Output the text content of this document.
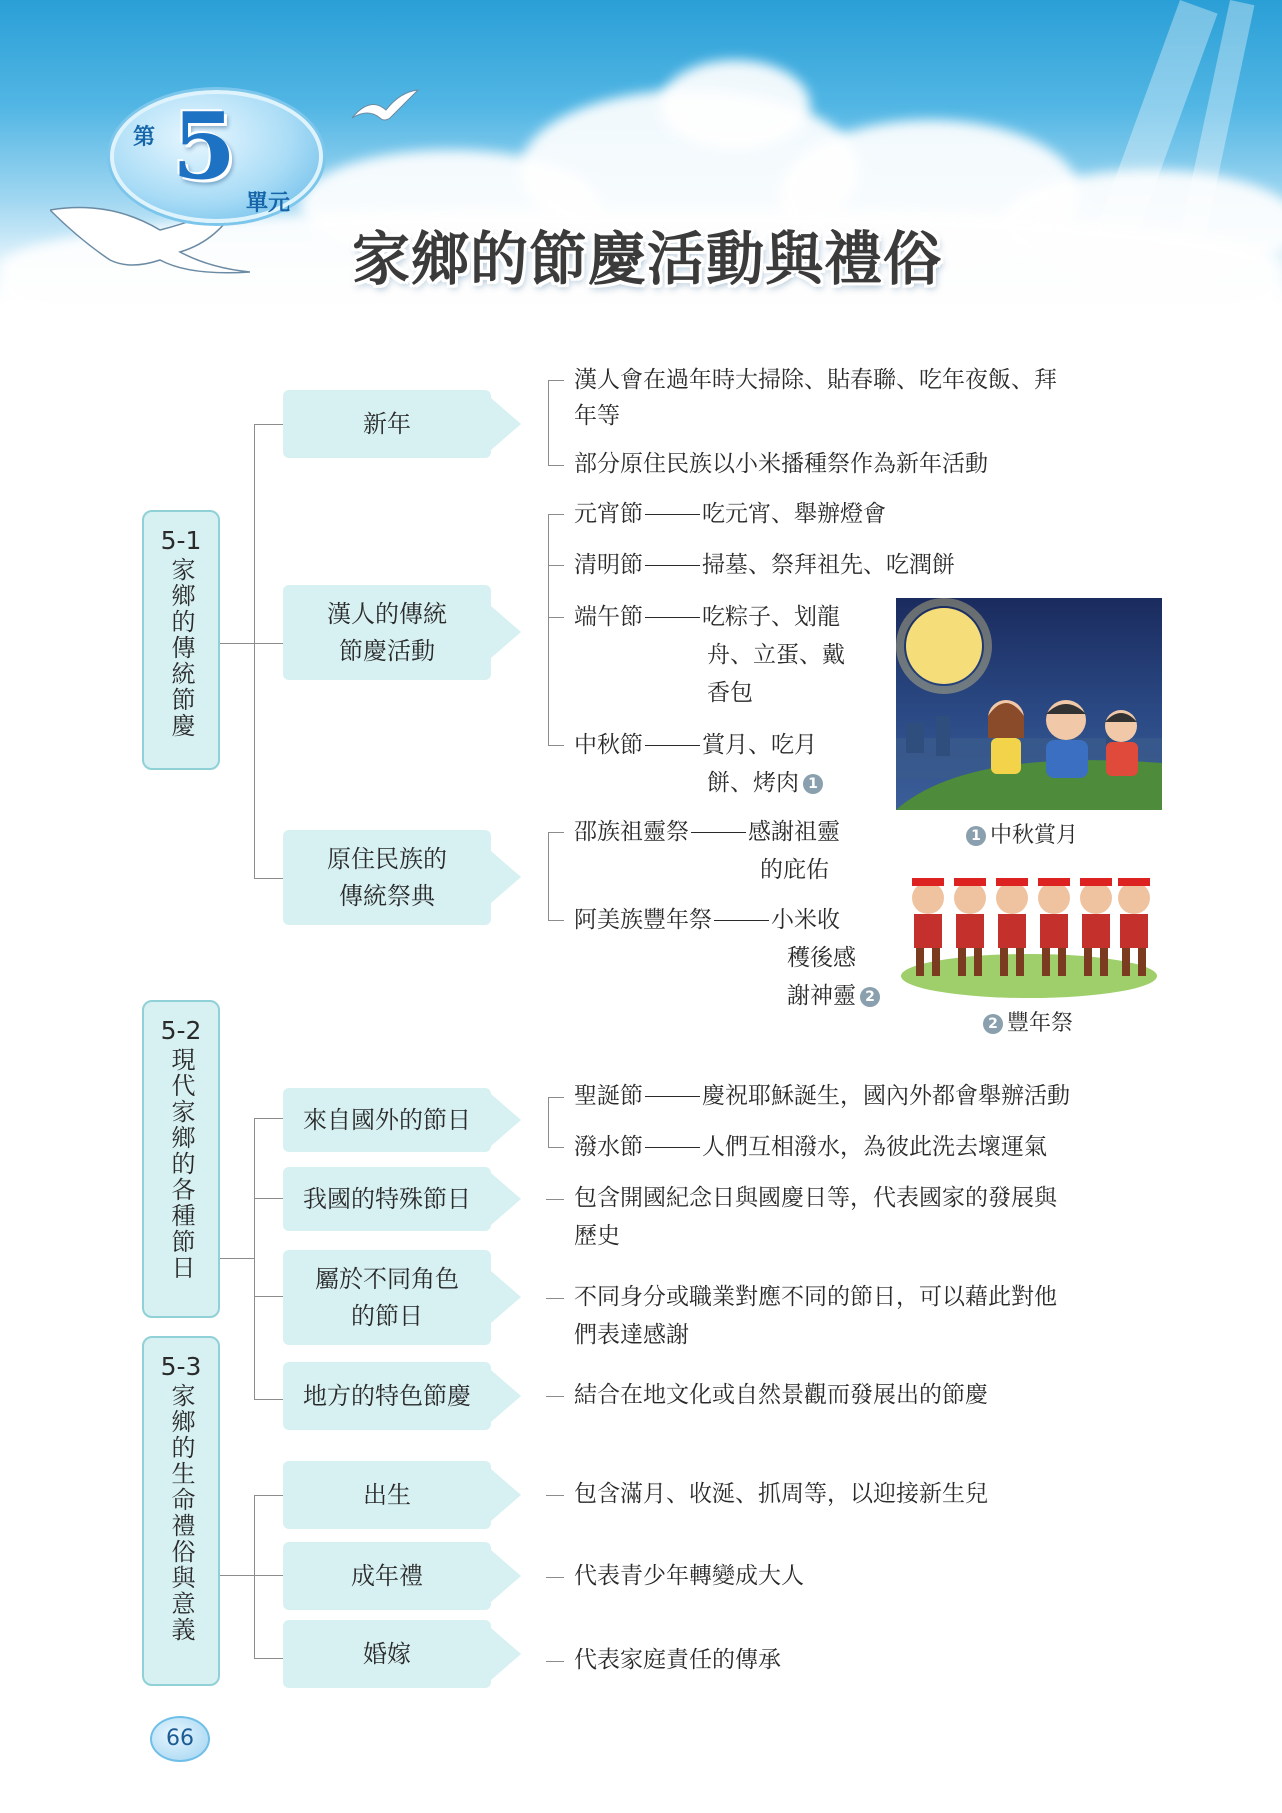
第 5
單元
家鄉的節慶活動與禮俗
5-1
家鄉的傳統節慶
5-2
現代家鄉的各種節日
5-3
家鄉的生命禮俗與意義
新年
漢人的傳統
節慶活動
原住民族的
傳統祭典
來自國外的節日
我國的特殊節日
屬於不同角色
的節日
地方的特色節慶
出生
成年禮
婚嫁
漢人會在過年時大掃除、貼春聯、吃年夜飯、拜
年等
部分原住民族以小米播種祭作為新年活動
元宵節	吃元宵、舉辦燈會
清明節	掃墓、祭拜祖先、吃潤餅
端午節	吃粽子、划龍
舟、立蛋、戴
香包
中秋節	賞月、吃月
餅、烤肉 1
邵族祖靈祭	感謝祖靈
的庇佑
阿美族豐年祭	小米收
穫後感
謝神靈 2
聖誕節	慶祝耶穌誕生，國內外都會舉辦活動
潑水節	人們互相潑水，為彼此洗去壞運氣
包含開國紀念日與國慶日等，代表國家的發展與
歷史
不同身分或職業對應不同的節日，可以藉此對他
們表達感謝
結合在地文化或自然景觀而發展出的節慶
包含滿月、收涎、抓周等，以迎接新生兒
代表青少年轉變成大人
代表家庭責任的傳承
1 中秋賞月
2 豐年祭
66
